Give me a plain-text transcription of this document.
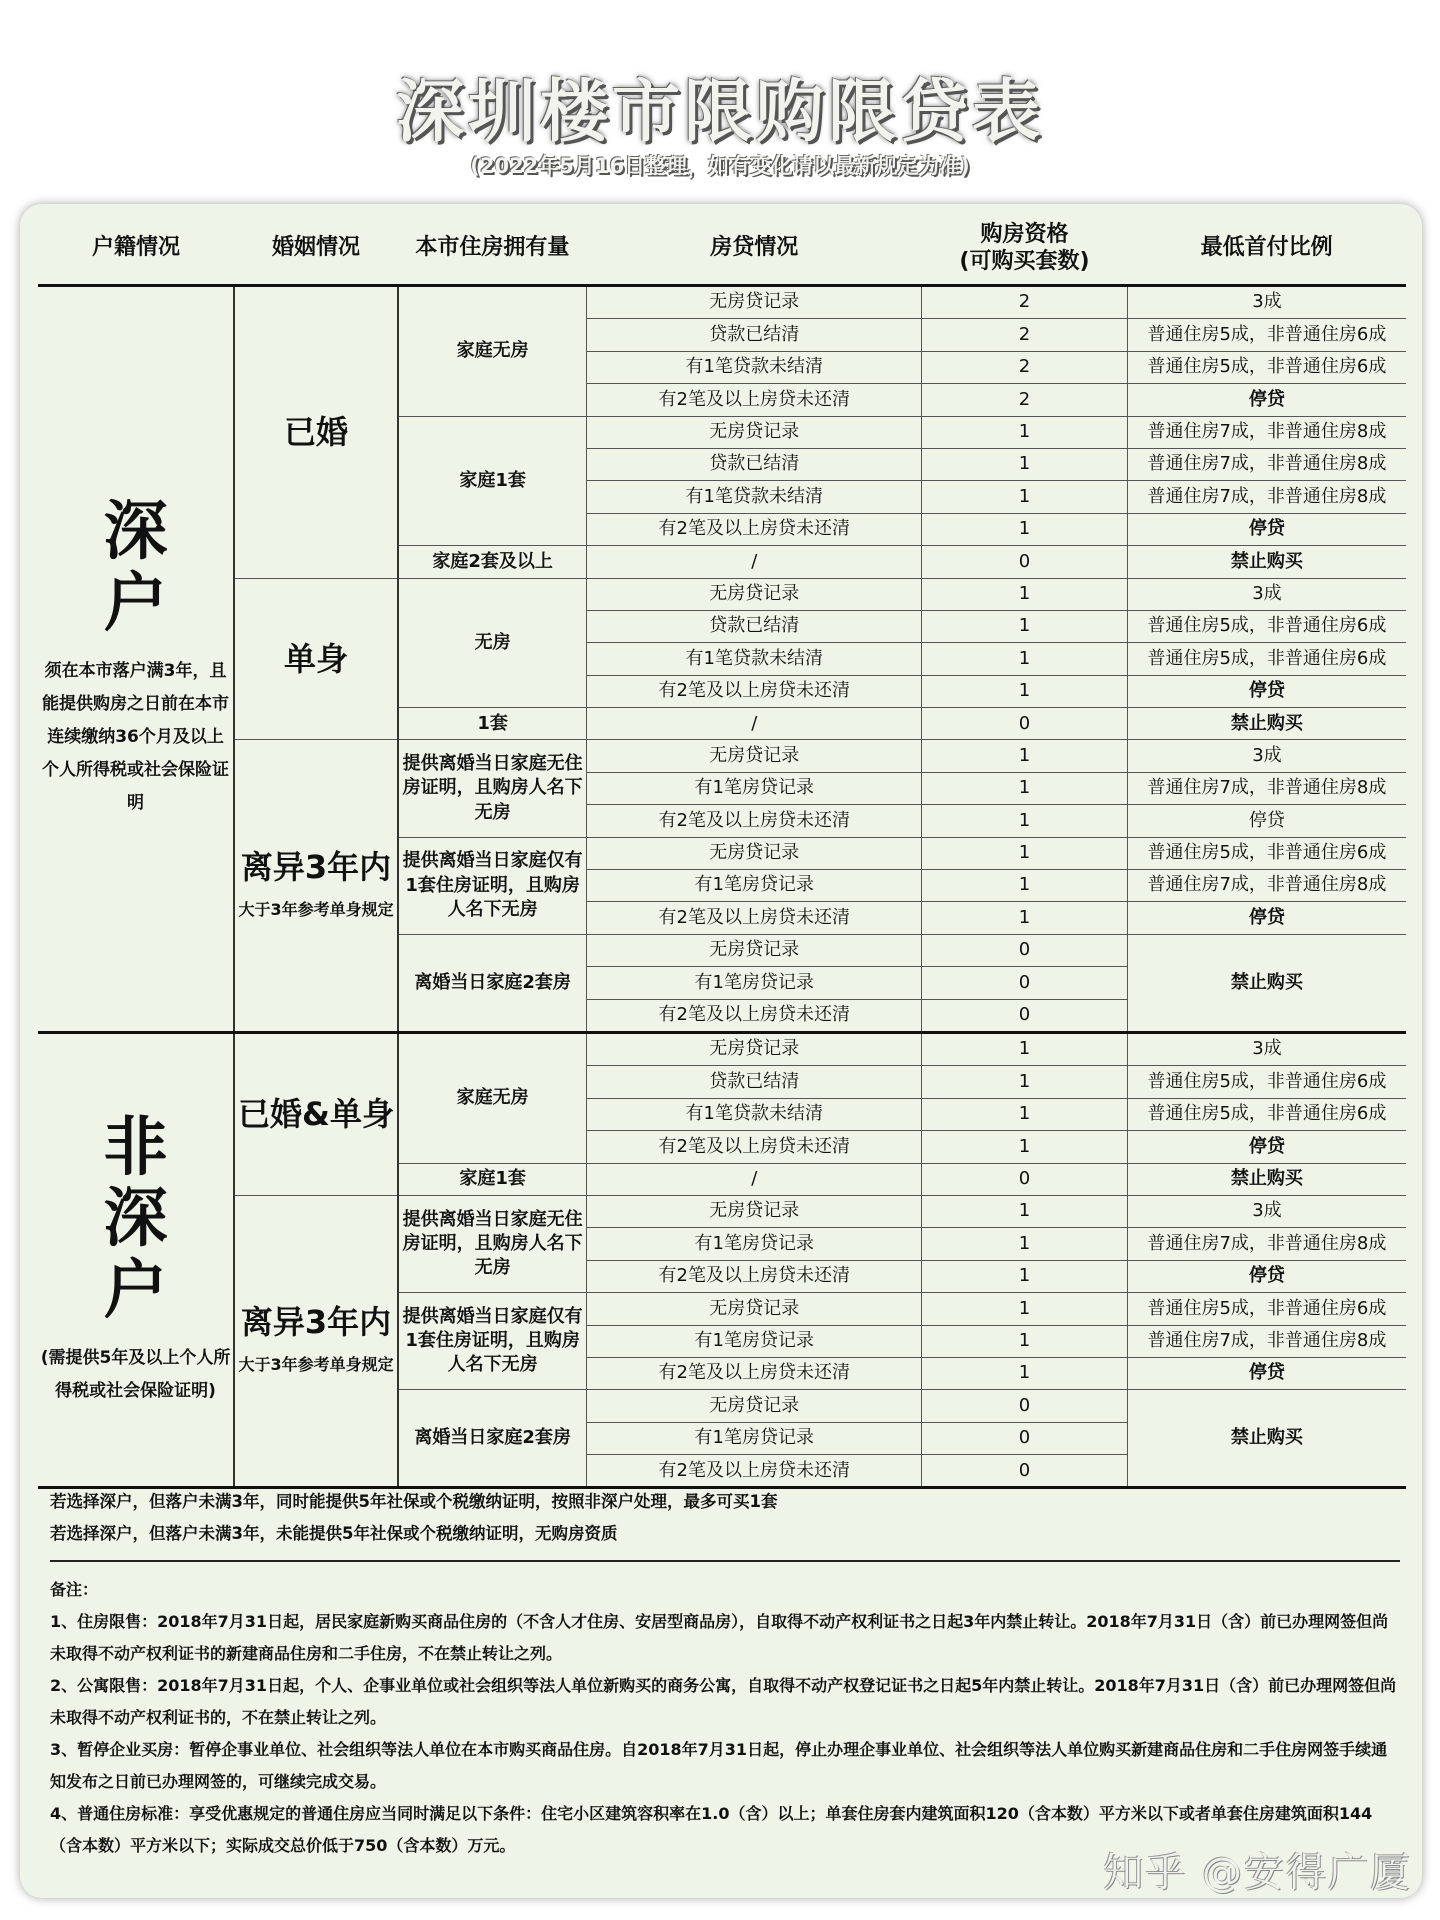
深圳楼市限购限贷表
(2022年5月16日整理，如有变化请以最新规定为准)
户籍情况	婚姻情况	本市住房拥有量	房贷情况	购房资格
(可购买套数)	最低首付比例

深
户
须在本市落户满3年，且能提供购房之日前在本市连续缴纳36个月及以上个人所得税或社会保险证明	已婚	家庭无房	无房贷记录	2	3成
			贷款已结清	2	普通住房5成，非普通住房6成
			有1笔贷款未结清	2	普通住房5成，非普通住房6成
			有2笔及以上房贷未还清	2	停贷
		家庭1套	无房贷记录	1	普通住房7成，非普通住房8成
			贷款已结清	1	普通住房7成，非普通住房8成
			有1笔贷款未结清	1	普通住房7成，非普通住房8成
			有2笔及以上房贷未还清	1	停贷
		家庭2套及以上	/	0	禁止购买
	单身	无房	无房贷记录	1	3成
			贷款已结清	1	普通住房5成，非普通住房6成
			有1笔贷款未结清	1	普通住房5成，非普通住房6成
			有2笔及以上房贷未还清	1	停贷
		1套	/	0	禁止购买

	离异3年内
大于3年参考单身规定	提供离婚当日家庭无住房证明，且购房人名下无房	无房贷记录	1	3成
			有1笔房贷记录	1	普通住房7成，非普通住房8成
			有2笔及以上房贷未还清	1	停贷
		提供离婚当日家庭仅有1套住房证明，且购房人名下无房	无房贷记录	1	普通住房5成，非普通住房6成
			有1笔房贷记录	1	普通住房7成，非普通住房8成
			有2笔及以上房贷未还清	1	停贷
		离婚当日家庭2套房	无房贷记录	0	禁止购买
			有1笔房贷记录	0	
			有2笔及以上房贷未还清	0	

非
深
户
(需提供5年及以上个人所得税或社会保险证明)	已婚&单身	家庭无房	无房贷记录	1	3成
			贷款已结清	1	普通住房5成，非普通住房6成
			有1笔贷款未结清	1	普通住房5成，非普通住房6成
			有2笔及以上房贷未还清	1	停贷
		家庭1套	/	0	禁止购买

	离异3年内
大于3年参考单身规定	提供离婚当日家庭无住房证明，且购房人名下无房	无房贷记录	1	3成
			有1笔房贷记录	1	普通住房7成，非普通住房8成
			有2笔及以上房贷未还清	1	停贷
		提供离婚当日家庭仅有1套住房证明，且购房人名下无房	无房贷记录	1	普通住房5成，非普通住房6成
			有1笔房贷记录	1	普通住房7成，非普通住房8成
			有2笔及以上房贷未还清	1	停贷
		离婚当日家庭2套房	无房贷记录	0	禁止购买
			有1笔房贷记录	0	
			有2笔及以上房贷未还清	0	
若选择深户，但落户未满3年，同时能提供5年社保或个税缴纳证明，按照非深户处理，最多可买1套
若选择深户，但落户未满3年，未能提供5年社保或个税缴纳证明，无购房资质

备注：

1、住房限售：2018年7月31日起，居民家庭新购买商品住房的（不含人才住房、安居型商品房），自取得不动产权利证书之日起3年内禁止转让。2018年7月31日（含）前已办理网签但尚未取得不动产权利证书的新建商品住房和二手住房，不在禁止转让之列。

2、公寓限售：2018年7月31日起，个人、企事业单位或社会组织等法人单位新购买的商务公寓，自取得不动产权登记证书之日起5年内禁止转让。2018年7月31日（含）前已办理网签但尚未取得不动产权利证书的，不在禁止转让之列。

3、暂停企业买房：暂停企事业单位、社会组织等法人单位在本市购买商品住房。自2018年7月31日起，停止办理企事业单位、社会组织等法人单位购买新建商品住房和二手住房网签手续通知发布之日前已办理网签的，可继续完成交易。

4、普通住房标准：享受优惠规定的普通住房应当同时满足以下条件：住宅小区建筑容积率在1.0（含）以上；单套住房套内建筑面积120（含本数）平方米以下或者单套住房建筑面积144（含本数）平方米以下；实际成交总价低于750（含本数）万元。

知乎 @安得广厦
